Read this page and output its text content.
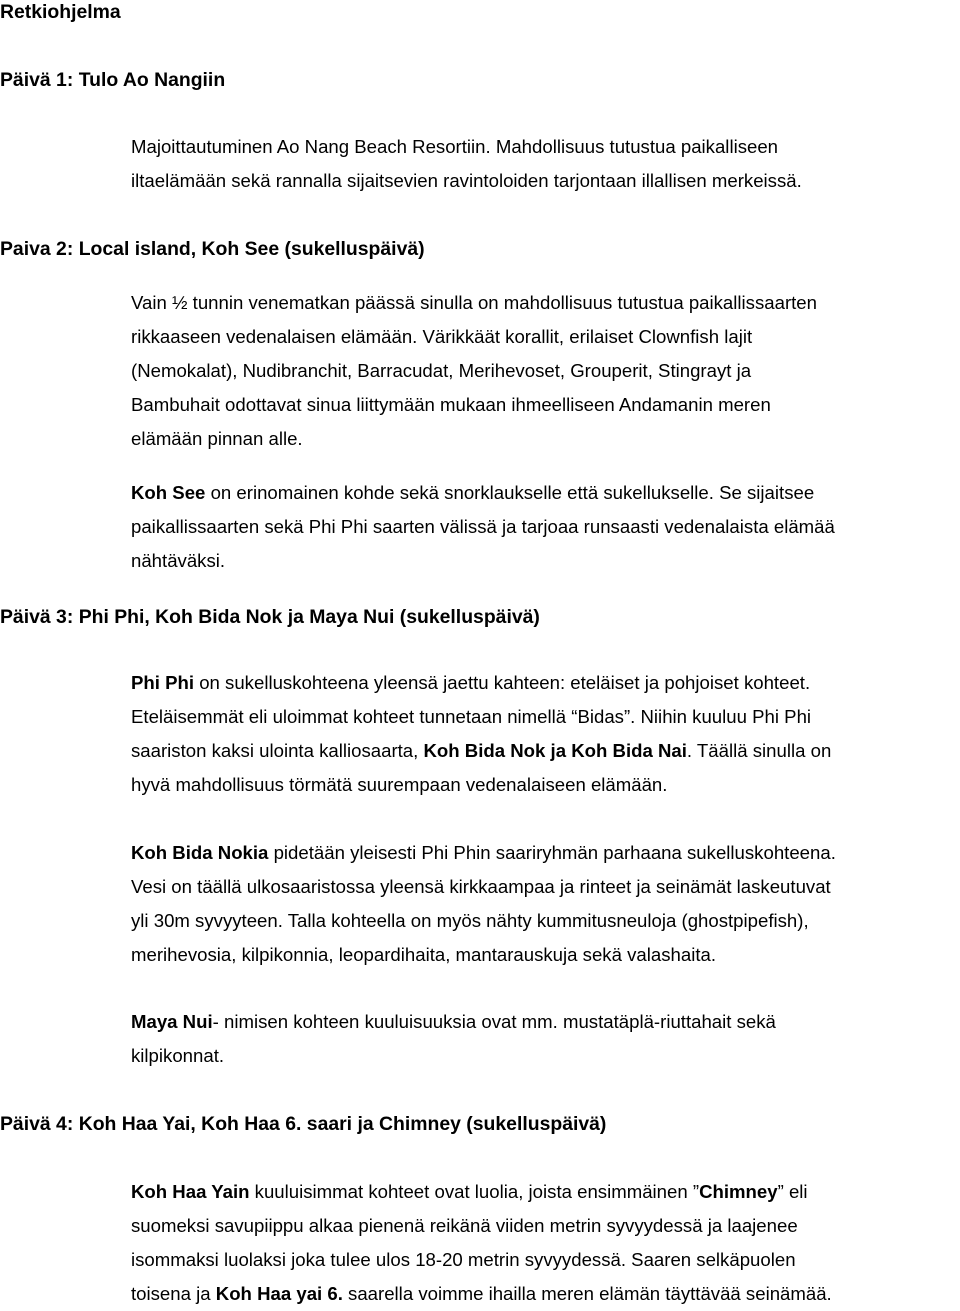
Retkiohjelma
Päivä 1: Tulo Ao Nangiin
Majoittautuminen Ao Nang Beach Resortiin. Mahdollisuus tutustua paikalliseen
iltaelämään sekä rannalla sijaitsevien ravintoloiden tarjontaan illallisen merkeissä.
Paiva 2: Local island, Koh See (sukelluspäivä)
Vain ½ tunnin venematkan päässä sinulla on mahdollisuus tutustua paikallissaarten
rikkaaseen vedenalaisen elämään. Värikkäät korallit, erilaiset Clownfish lajit
(Nemokalat), Nudibranchit, Barracudat, Merihevoset, Grouperit, Stingrayt ja
Bambuhait odottavat sinua liittymään mukaan ihmeelliseen Andamanin meren
elämään pinnan alle.
Koh See on erinomainen kohde sekä snorklaukselle että sukellukselle. Se sijaitsee
paikallissaarten sekä Phi Phi saarten välissä ja tarjoaa runsaasti vedenalaista elämää
nähtäväksi.
Päivä 3: Phi Phi, Koh Bida Nok ja Maya Nui (sukelluspäivä)
Phi Phi on sukelluskohteena yleensä jaettu kahteen: eteläiset ja pohjoiset kohteet.
Eteläisemmät eli uloimmat kohteet tunnetaan nimellä “Bidas”. Niihin kuuluu Phi Phi
saariston kaksi ulointa kalliosaarta, Koh Bida Nok ja Koh Bida Nai. Täällä sinulla on
hyvä mahdollisuus törmätä suurempaan vedenalaiseen elämään.
Koh Bida Nokia pidetään yleisesti Phi Phin saariryhmän parhaana sukelluskohteena.
Vesi on täällä ulkosaaristossa yleensä kirkkaampaa ja rinteet ja seinämät laskeutuvat
yli 30m syvyyteen. Talla kohteella on myös nähty kummitusneuloja (ghostpipefish),
merihevosia, kilpikonnia, leopardihaita, mantarauskuja sekä valashaita.
Maya Nui- nimisen kohteen kuuluisuuksia ovat mm. mustatäplä-riuttahait sekä
kilpikonnat.
Päivä 4: Koh Haa Yai, Koh Haa 6. saari ja Chimney (sukelluspäivä)
Koh Haa Yain kuuluisimmat kohteet ovat luolia, joista ensimmäinen ”Chimney” eli
suomeksi savupiippu alkaa pienenä reikänä viiden metrin syvyydessä ja laajenee
isommaksi luolaksi joka tulee ulos 18-20 metrin syvyydessä. Saaren selkäpuolen
toisena ja Koh Haa yai 6. saarella voimme ihailla meren elämän täyttävää seinämää.
